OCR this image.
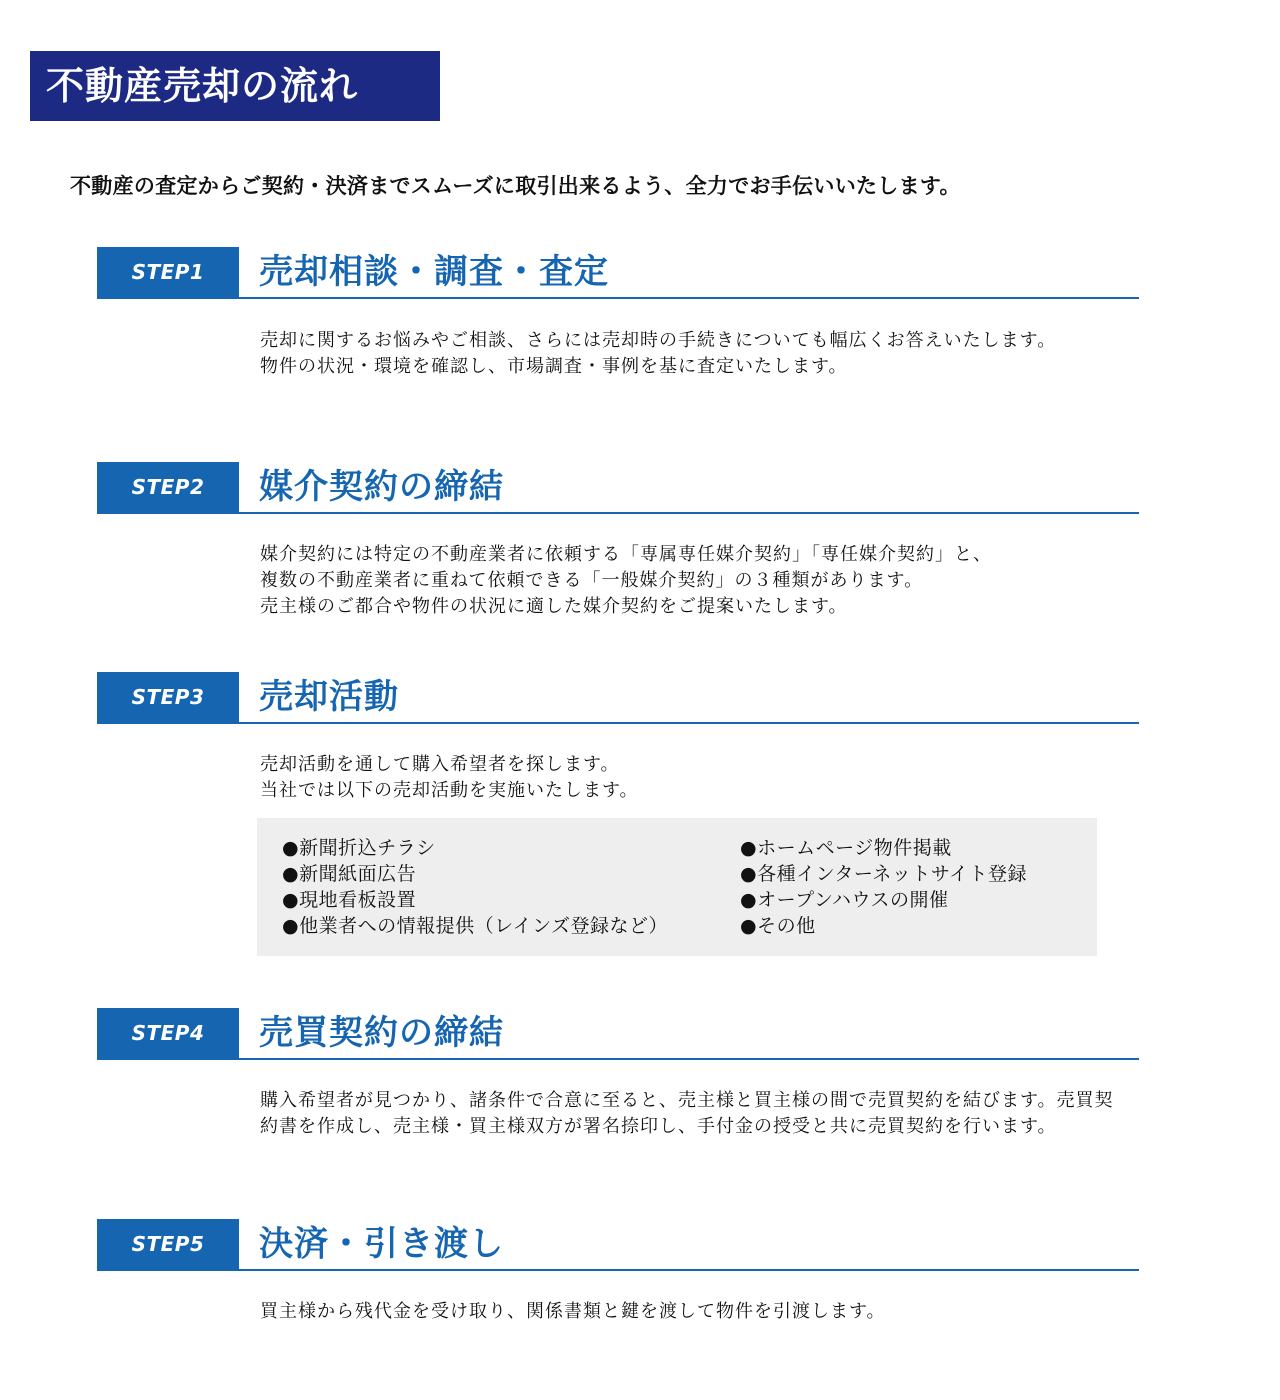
不動産売却の流れ
不動産の査定からご契約・決済までスムーズに取引出来るよう、全力でお手伝いいたします。
STEP1	売却相談・調査・査定

売却に関するお悩みやご相談、さらには売却時の手続きについても幅広くお答えいたします。

物件の状況・環境を確認し、市場調査・事例を基に査定いたします。

STEP2	媒介契約の締結

媒介契約には特定の不動産業者に依頼する「専属専任媒介契約」「専任媒介契約」と、

複数の不動産業者に重ねて依頼できる「一般媒介契約」の３種類があります。

売主様のご都合や物件の状況に適した媒介契約をご提案いたします。

STEP3	売却活動

売却活動を通して購入希望者を探します。

当社では以下の売却活動を実施いたします。

●新聞折込チラシ
●新聞紙面広告
●現地看板設置
●他業者への情報提供（レインズ登録など）
●ホームページ物件掲載
●各種インターネットサイト登録
●オープンハウスの開催
●その他
STEP4	売買契約の締結

購入希望者が見つかり、諸条件で合意に至ると、売主様と買主様の間で売買契約を結びます。売買契約書を作成し、売主様・買主様双方が署名捺印し、手付金の授受と共に売買契約を行います。

STEP5	決済・引き渡し

買主様から残代金を受け取り、関係書類と鍵を渡して物件を引渡します。
